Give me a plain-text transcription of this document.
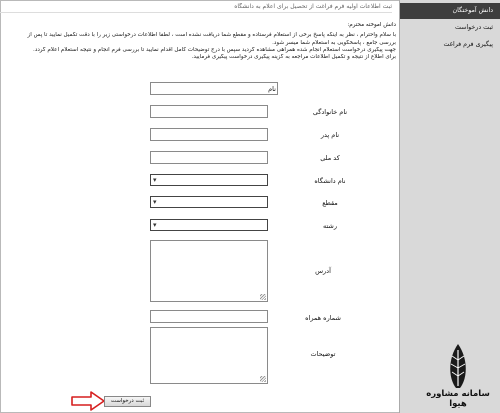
ثبت اطلاعات اولیه فرم فراغت از تحصیل برای اعلام به دانشگاه

دانش آموخته محترم:

با سلام واحترام ، نظر به اینکه پاسخ برخی از استعلام فرستاده و مقطع شما دریافت نشده است ، لطفا اطلاعات درخواستی زیر را با دقت تکمیل نمایید تا پس از

بررسی جامع ، پاسخگویی به استعلام شما میسر شود.

جهت پیگیری درخواست استعلام انجام شده همراهی مشاهده گردید سپس با درج توضیحات کامل اقدام نمایید تا بررسی فرم انجام و نتیجه استعلام اعلام گردد.

برای اطلاع از نتیجه و تکمیل اطلاعات مراجعه به گزینه پیگیری درخواست پیگیری فرمایید.

نام
نام خانوادگی
نام پدر
کد ملی
نام دانشگاه
▾
مقطع
▾
رشته
▾
آدرس
شماره همراه
توضیحات
ثبت درخواست
دانش آموختگان
ثبت درخواست
پیگیری فرم فراغت
سامانه مشاوره هیوا
